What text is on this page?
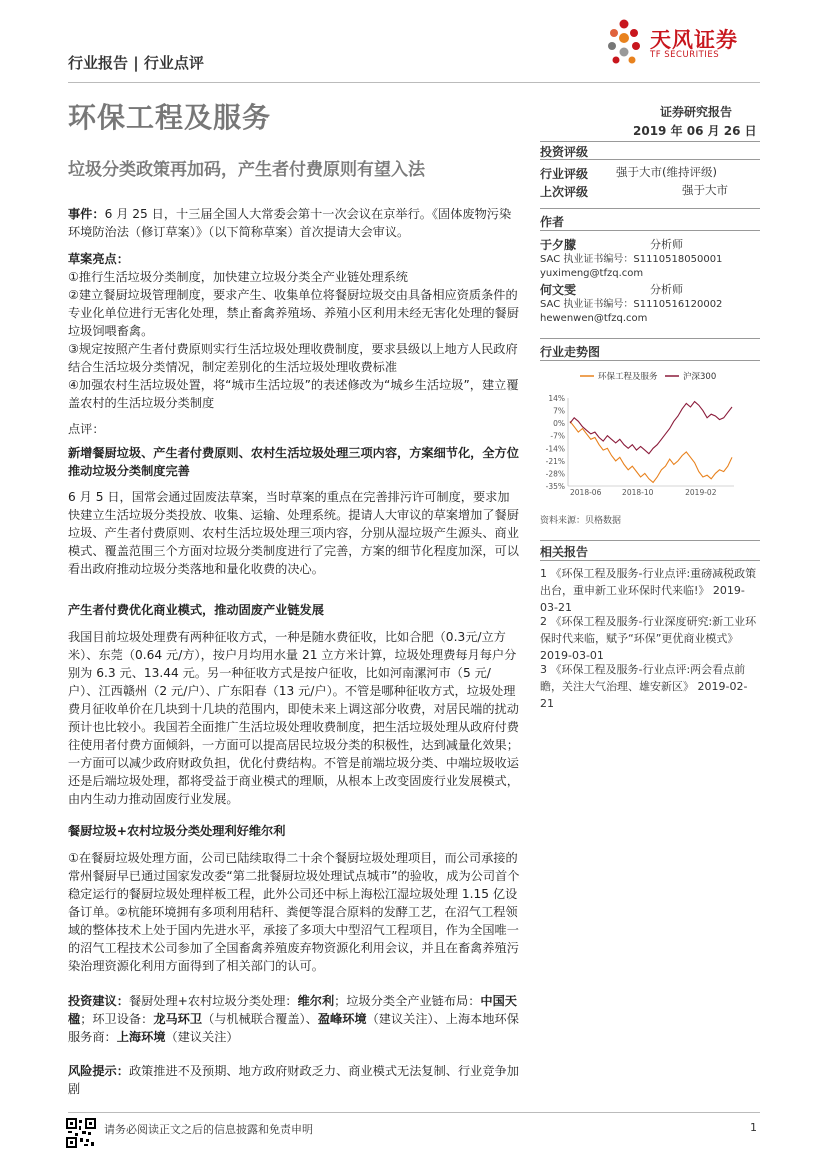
行业报告 | 行业点评
天风证券
TF SECURITIES
环保工程及服务	证券研究报告
2019 年 06 月 26 日
垃圾分类政策再加码，产生者付费原则有望入法
投资评级
行业评级 强于大市(维持评级)
上次评级	强于大市
作者
于夕朦	分析师
SAC 执业证书编号：S1110518050001
yuximeng@tfzq.com
何文雯	分析师
SAC 执业证书编号：S1110516120002
hewenwen@tfzq.com
行业走势图
环保工程及服务	沪深300
14%
7%
0%
-7%
-14%
-21%
-28%
-35%
2018-06	2018-10	2019-02
资料来源：贝格数据
相关报告
1 《环保工程及服务-行业点评:重磅减税政策出台，重申新工业环保时代来临!》 2019-03-21
2 《环保工程及服务-行业深度研究:新工业环保时代来临，赋予“环保”更优商业模式》 2019-03-01
3 《环保工程及服务-行业点评:两会看点前瞻，关注大气治理、雄安新区》 2019-02-21

事件：6 月 25 日，十三届全国人大常委会第十一次会议在京举行。《固体废物污染环境防治法（修订草案）》（以下简称草案）首次提请大会审议。

草案亮点：

①推行生活垃圾分类制度，加快建立垃圾分类全产业链处理系统

②建立餐厨垃圾管理制度，要求产生、收集单位将餐厨垃圾交由具备相应资质条件的专业化单位进行无害化处理，禁止畜禽养殖场、养殖小区利用未经无害化处理的餐厨垃圾饲喂畜禽。

③规定按照产生者付费原则实行生活垃圾处理收费制度，要求县级以上地方人民政府结合生活垃圾分类情况，制定差别化的生活垃圾处理收费标准

④加强农村生活垃圾处置，将“城市生活垃圾”的表述修改为“城乡生活垃圾”，建立覆盖农村的生活垃圾分类制度

点评：
新增餐厨垃圾、产生者付费原则、农村生活垃圾处理三项内容，方案细节化，全方位推动垃圾分类制度完善
6 月 5 日，国常会通过固废法草案，当时草案的重点在完善排污许可制度，要求加快建立生活垃圾分类投放、收集、运输、处理系统。提请人大审议的草案增加了餐厨垃圾、产生者付费原则、农村生活垃圾处理三项内容，分别从湿垃圾产生源头、商业模式、覆盖范围三个方面对垃圾分类制度进行了完善，方案的细节化程度加深，可以看出政府推动垃圾分类落地和量化收费的决心。
产生者付费优化商业模式，推动固废产业链发展
我国目前垃圾处理费有两种征收方式，一种是随水费征收，比如合肥（0.3元/立方米）、东莞（0.64 元/方），按户月均用水量 21 立方米计算，垃圾处理费每月每户分别为 6.3 元、13.44 元。另一种征收方式是按户征收，比如河南漯河市（5 元/户）、江西赣州（2 元/户）、广东阳春（13 元/户）。不管是哪种征收方式，垃圾处理费月征收单价在几块到十几块的范围内，即使未来上调这部分收费，对居民端的扰动预计也比较小。我国若全面推广生活垃圾处理收费制度，把生活垃圾处理从政府付费往使用者付费方面倾斜，一方面可以提高居民垃圾分类的积极性，达到减量化效果；一方面可以减少政府财政负担，优化付费结构。不管是前端垃圾分类、中端垃圾收运还是后端垃圾处理，都将受益于商业模式的理顺，从根本上改变固废行业发展模式，由内生动力推动固废行业发展。
餐厨垃圾+农村垃圾分类处理利好维尔利
①在餐厨垃圾处理方面，公司已陆续取得二十余个餐厨垃圾处理项目，而公司承接的常州餐厨早已通过国家发改委“第二批餐厨垃圾处理试点城市”的验收，成为公司首个稳定运行的餐厨垃圾处理样板工程，此外公司还中标上海松江湿垃圾处理 1.15 亿设备订单。②杭能环境拥有多项利用秸秆、粪便等混合原料的发酵工艺，在沼气工程领域的整体技术上处于国内先进水平，承接了多项大中型沼气工程项目，作为全国唯一的沼气工程技术公司参加了全国畜禽养殖废弃物资源化利用会议，并且在畜禽养殖污染治理资源化利用方面得到了相关部门的认可。
投资建议：餐厨处理+农村垃圾分类处理：维尔利；垃圾分类全产业链布局：中国天楹；环卫设备：龙马环卫（与机械联合覆盖）、盈峰环境（建议关注）、上海本地环保服务商：上海环境（建议关注）
风险提示：政策推进不及预期、地方政府财政乏力、商业模式无法复制、行业竞争加剧
请务必阅读正文之后的信息披露和免责申明	1
